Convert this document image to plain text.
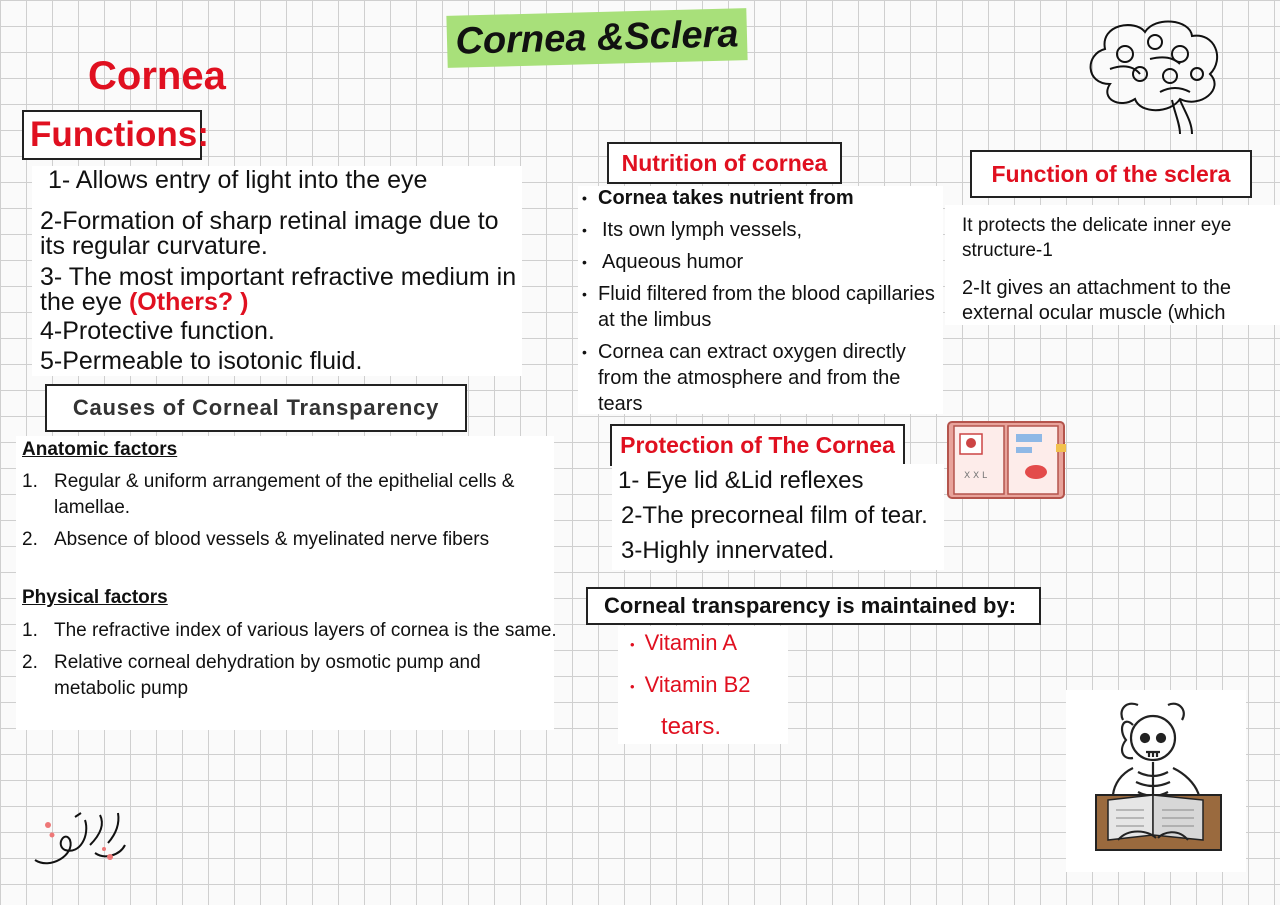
Cornea &Sclera
Cornea
Functions:
1- Allows entry of light into the eye
2-Formation of sharp retinal image due to its regular curvature.
3- The most important refractive medium in the eye (Others? )
4-Protective function.
5-Permeable to isotonic fluid.
Causes of Corneal Transparency
Anatomic factors
1. Regular & uniform arrangement of the epithelial cells & lamellae.
2. Absence of blood vessels & myelinated nerve fibers
Physical factors
1. The refractive index of various layers of cornea is the same.
2. Relative corneal dehydration by osmotic pump and metabolic pump
Nutrition of cornea
• Cornea takes nutrient from
• Its own lymph vessels,
• Aqueous humor
• Fluid filtered from the blood capillaries at the limbus
• Cornea can extract oxygen directly from the atmosphere and from the tears
Function of the sclera
It protects the delicate inner eye structure-1
2-It gives an attachment to the external ocular muscle (which
Protection of The Cornea
1- Eye lid &Lid reflexes
2-The precorneal film of tear.
3-Highly innervated.
X X L
Corneal transparency is maintained by:
• Vitamin A
• Vitamin B2
tears.
